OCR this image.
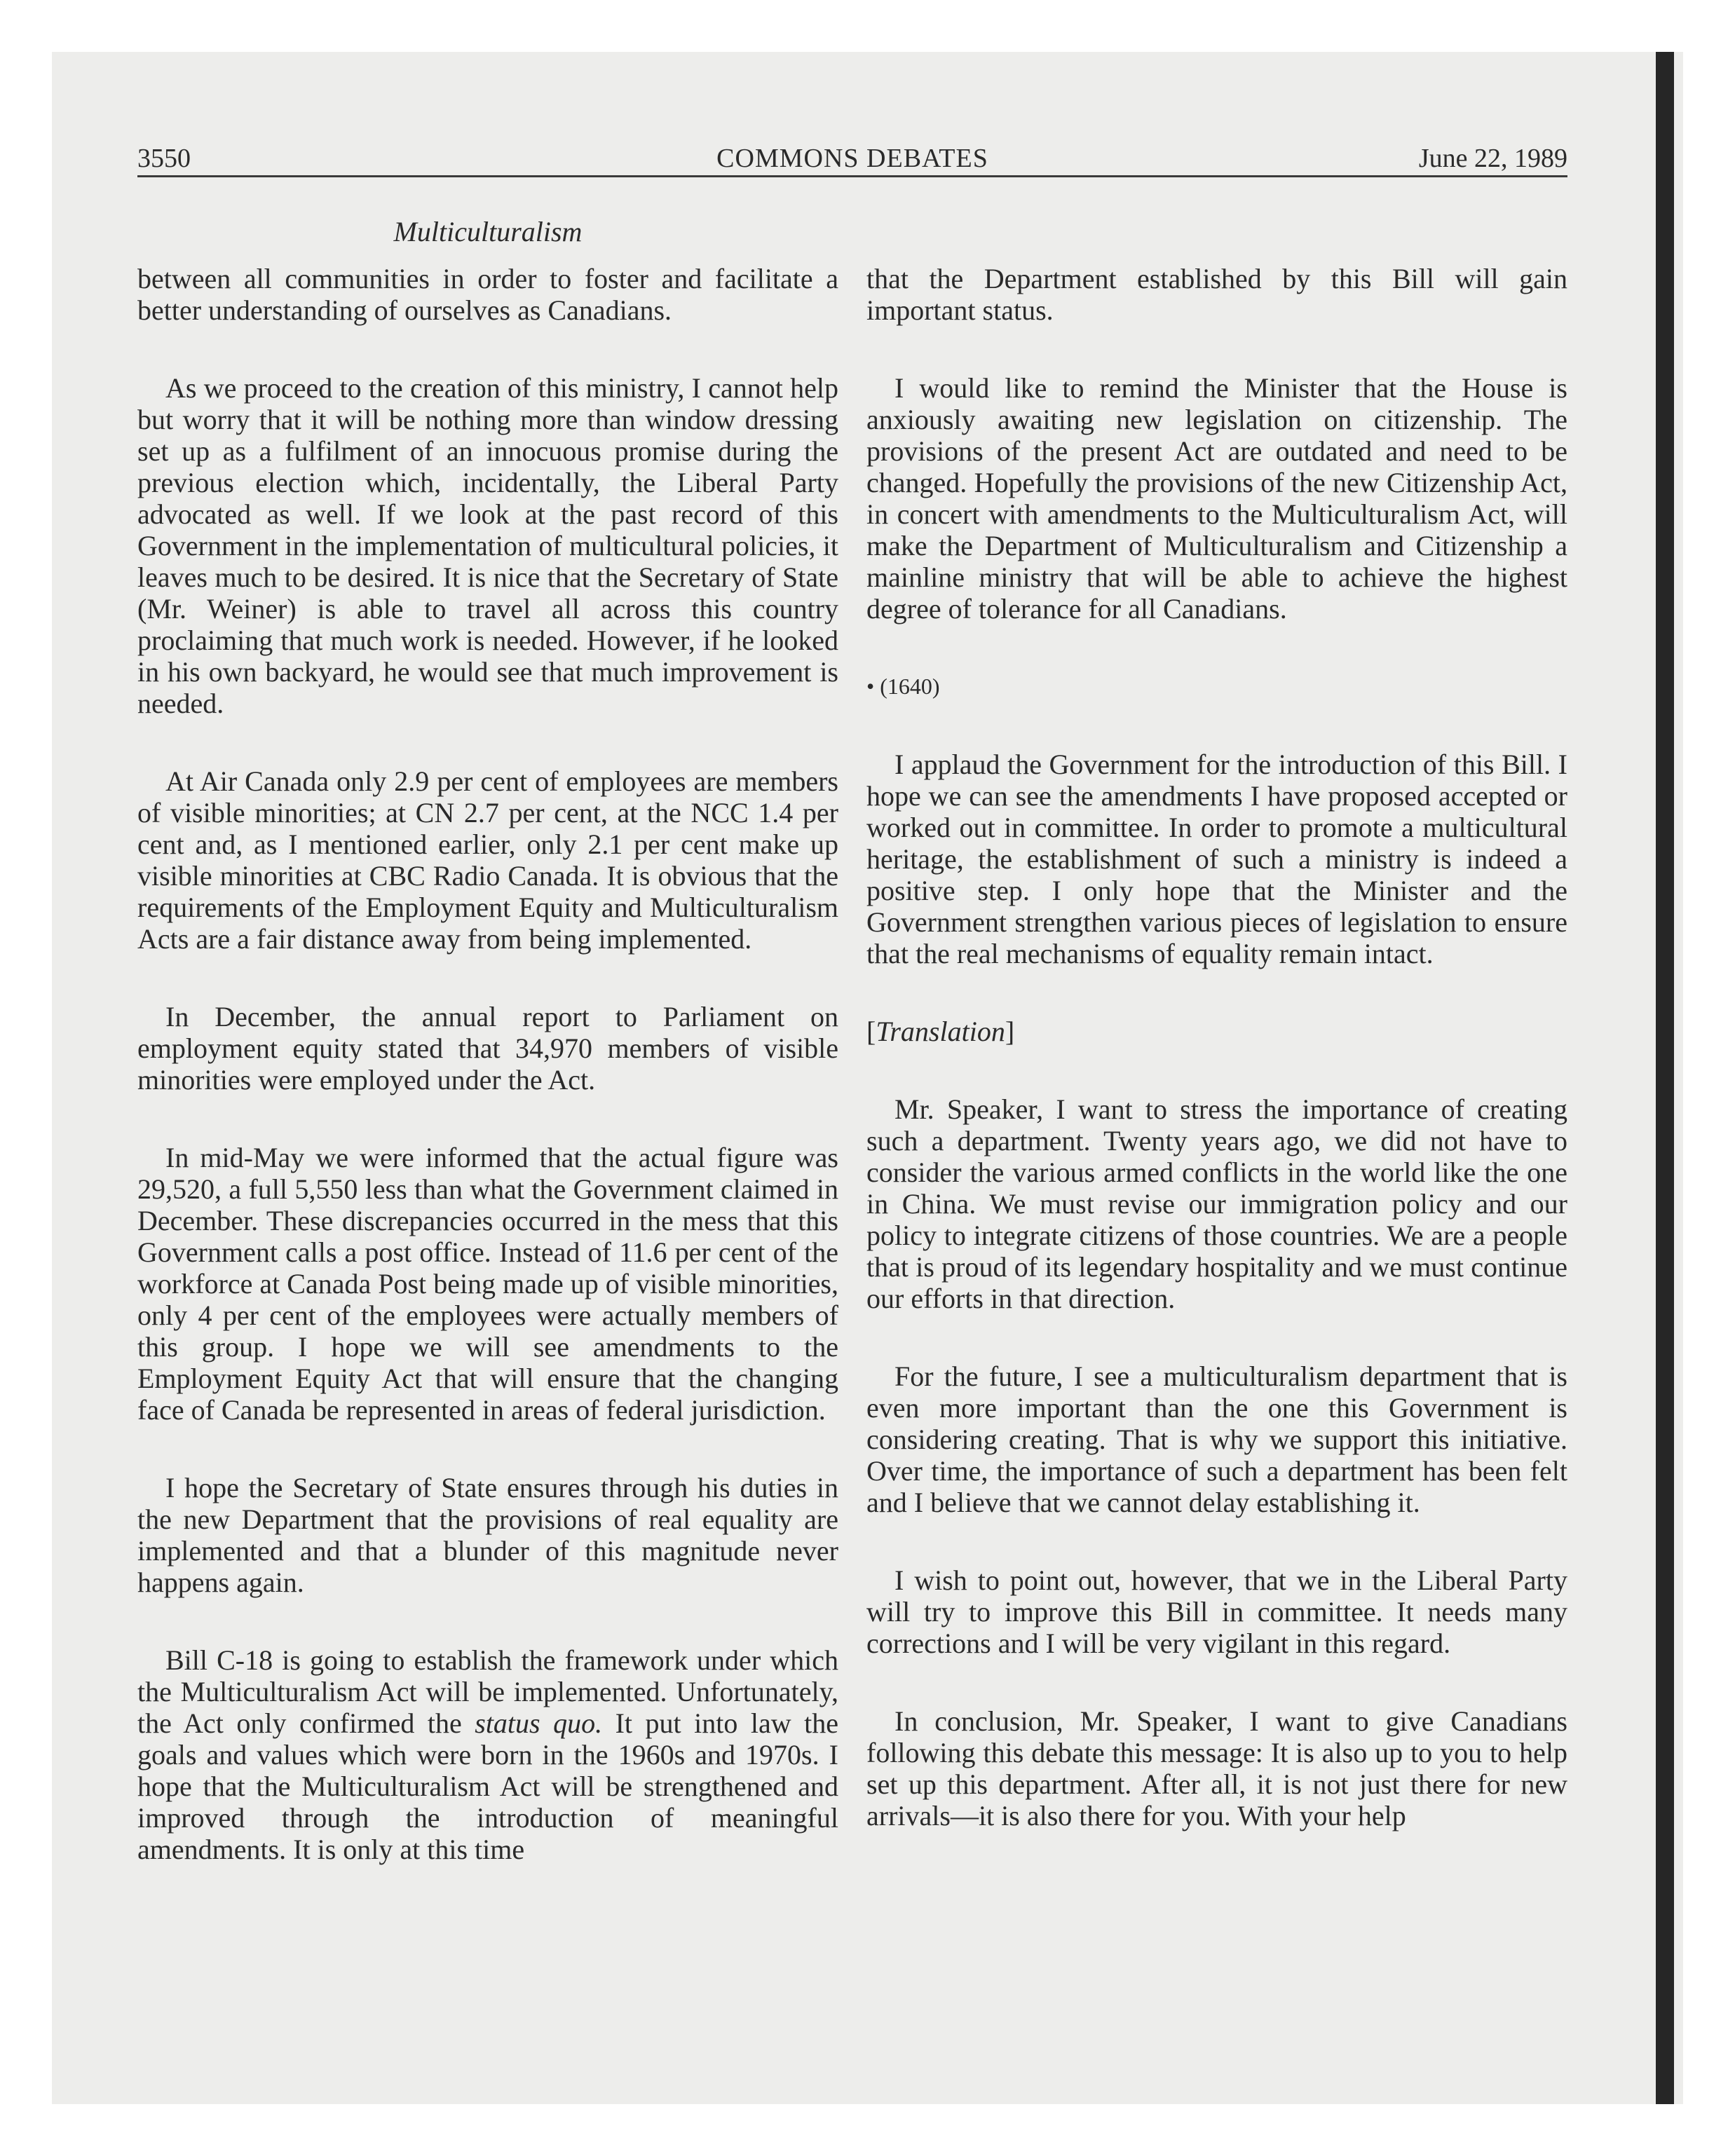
3550	COMMONS DEBATES	June 22, 1989
Multiculturalism

between all communities in order to foster and facilitate a better understanding of ourselves as Canadians.

As we proceed to the creation of this ministry, I cannot help but worry that it will be nothing more than window dressing set up as a fulfilment of an innocuous promise during the previous election which, incidentally, the Liberal Party advocated as well. If we look at the past record of this Government in the implementation of multicultural policies, it leaves much to be desired. It is nice that the Secretary of State (Mr. Weiner) is able to travel all across this country proclaiming that much work is needed. However, if he looked in his own backyard, he would see that much improvement is needed.

At Air Canada only 2.9 per cent of employees are members of visible minorities; at CN 2.7 per cent, at the NCC 1.4 per cent and, as I mentioned earlier, only 2.1 per cent make up visible minorities at CBC Radio Canada. It is obvious that the requirements of the Employment Equity and Multiculturalism Acts are a fair distance away from being implemented.

In December, the annual report to Parliament on employment equity stated that 34,970 members of visible minorities were employed under the Act.

In mid-May we were informed that the actual figure was 29,520, a full 5,550 less than what the Government claimed in December. These discrepancies occurred in the mess that this Government calls a post office. Instead of 11.6 per cent of the workforce at Canada Post being made up of visible minorities, only 4 per cent of the employees were actually members of this group. I hope we will see amendments to the Employment Equity Act that will ensure that the changing face of Canada be represented in areas of federal jurisdiction.

I hope the Secretary of State ensures through his duties in the new Department that the provisions of real equality are implemented and that a blunder of this magnitude never happens again.

Bill C-18 is going to establish the framework under which the Multiculturalism Act will be implemented. Unfortunately, the Act only confirmed the status quo. It put into law the goals and values which were born in the 1960s and 1970s. I hope that the Multiculturalism Act will be strengthened and improved through the introduction of meaningful amendments. It is only at this time

that the Department established by this Bill will gain important status.

I would like to remind the Minister that the House is anxiously awaiting new legislation on citizenship. The provisions of the present Act are outdated and need to be changed. Hopefully the provisions of the new Citizenship Act, in concert with amendments to the Multiculturalism Act, will make the Department of Multiculturalism and Citizenship a mainline ministry that will be able to achieve the highest degree of tolerance for all Canadians.

• (1640)

I applaud the Government for the introduction of this Bill. I hope we can see the amendments I have proposed accepted or worked out in committee. In order to promote a multicultural heritage, the establishment of such a ministry is indeed a positive step. I only hope that the Minister and the Government strengthen various pieces of legislation to ensure that the real mechanisms of equality remain intact.

[Translation]

Mr. Speaker, I want to stress the importance of creating such a department. Twenty years ago, we did not have to consider the various armed conflicts in the world like the one in China. We must revise our immigration policy and our policy to integrate citizens of those countries. We are a people that is proud of its legendary hospitality and we must continue our efforts in that direction.

For the future, I see a multiculturalism department that is even more important than the one this Government is considering creating. That is why we support this initiative. Over time, the importance of such a department has been felt and I believe that we cannot delay establishing it.

I wish to point out, however, that we in the Liberal Party will try to improve this Bill in committee. It needs many corrections and I will be very vigilant in this regard.

In conclusion, Mr. Speaker, I want to give Canadians following this debate this message: It is also up to you to help set up this department. After all, it is not just there for new arrivals—it is also there for you. With your help
